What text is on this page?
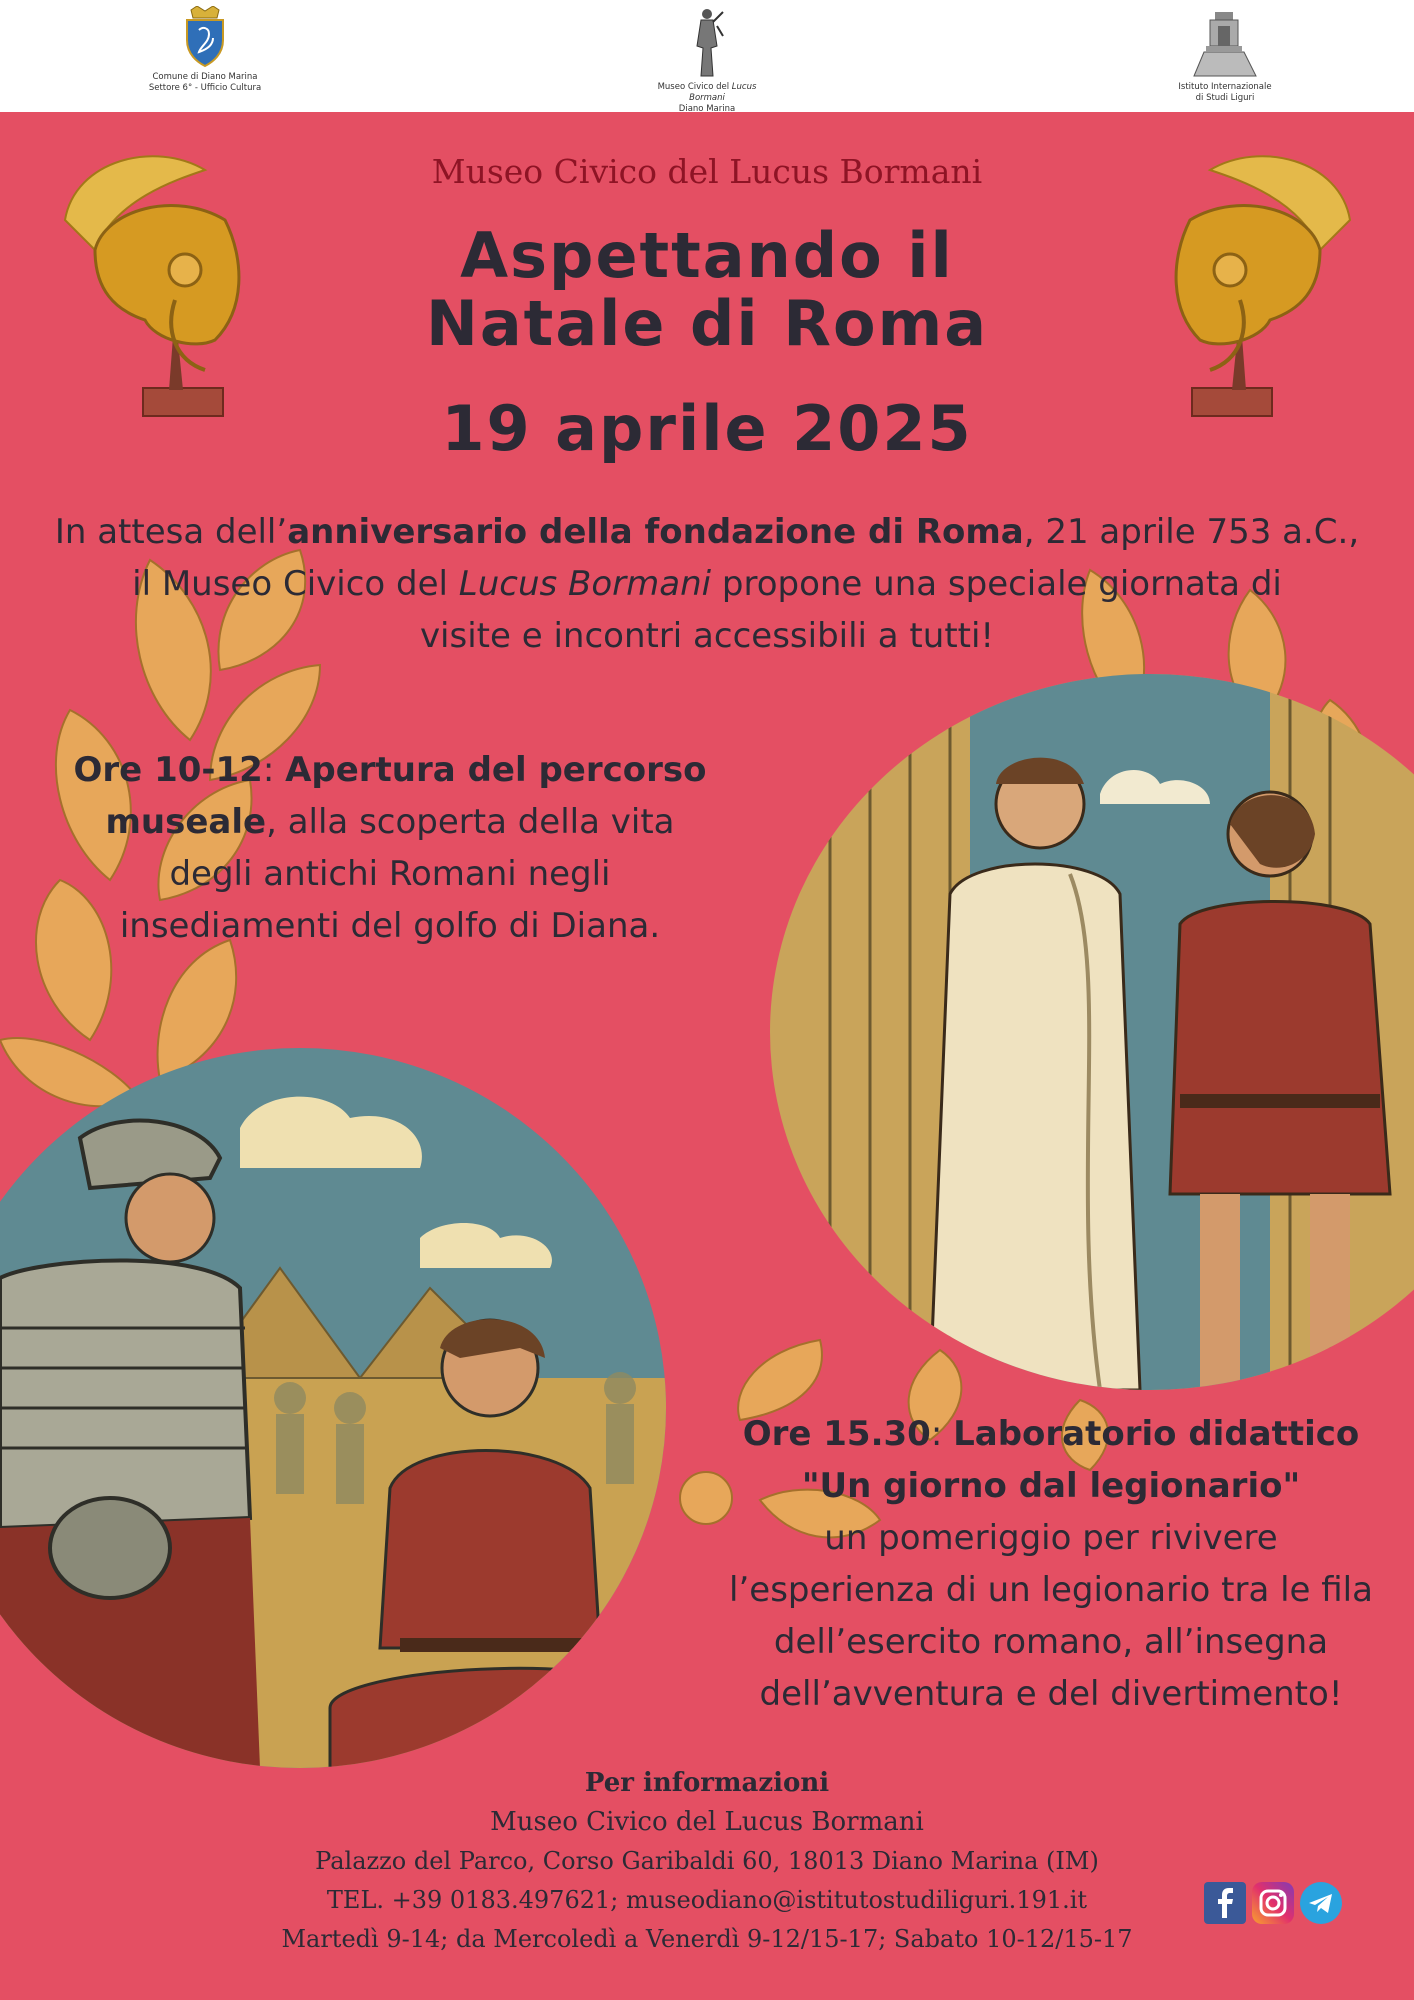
Comune di Diano Marina
Settore 6° - Ufficio Cultura	Museo Civico del Lucus Bormani
Diano Marina
Istituto Internazionale
di Studi Liguri
Museo Civico del Lucus Bormani
Aspettando il
Natale di Roma
19 aprile 2025
In attesa dell’anniversario della fondazione di Roma, 21 aprile 753 a.C.,
il Museo Civico del Lucus Bormani propone una speciale giornata di
visite e incontri accessibili a tutti!
Ore 10-12: Apertura del percorso
museale, alla scoperta della vita
degli antichi Romani negli
insediamenti del golfo di Diana.
Ore 15.30: Laboratorio didattico
"Un giorno dal legionario"
un pomeriggio per rivivere
l’esperienza di un legionario tra le fila
dell’esercito romano, all’insegna
dell’avventura e del divertimento!
Per informazioni
Museo Civico del Lucus Bormani
Palazzo del Parco, Corso Garibaldi 60, 18013 Diano Marina (IM)
TEL. +39 0183.497621; museodiano@istitutostudiliguri.191.it
Martedì 9-14; da Mercoledì a Venerdì 9-12/15-17; Sabato 10-12/15-17
